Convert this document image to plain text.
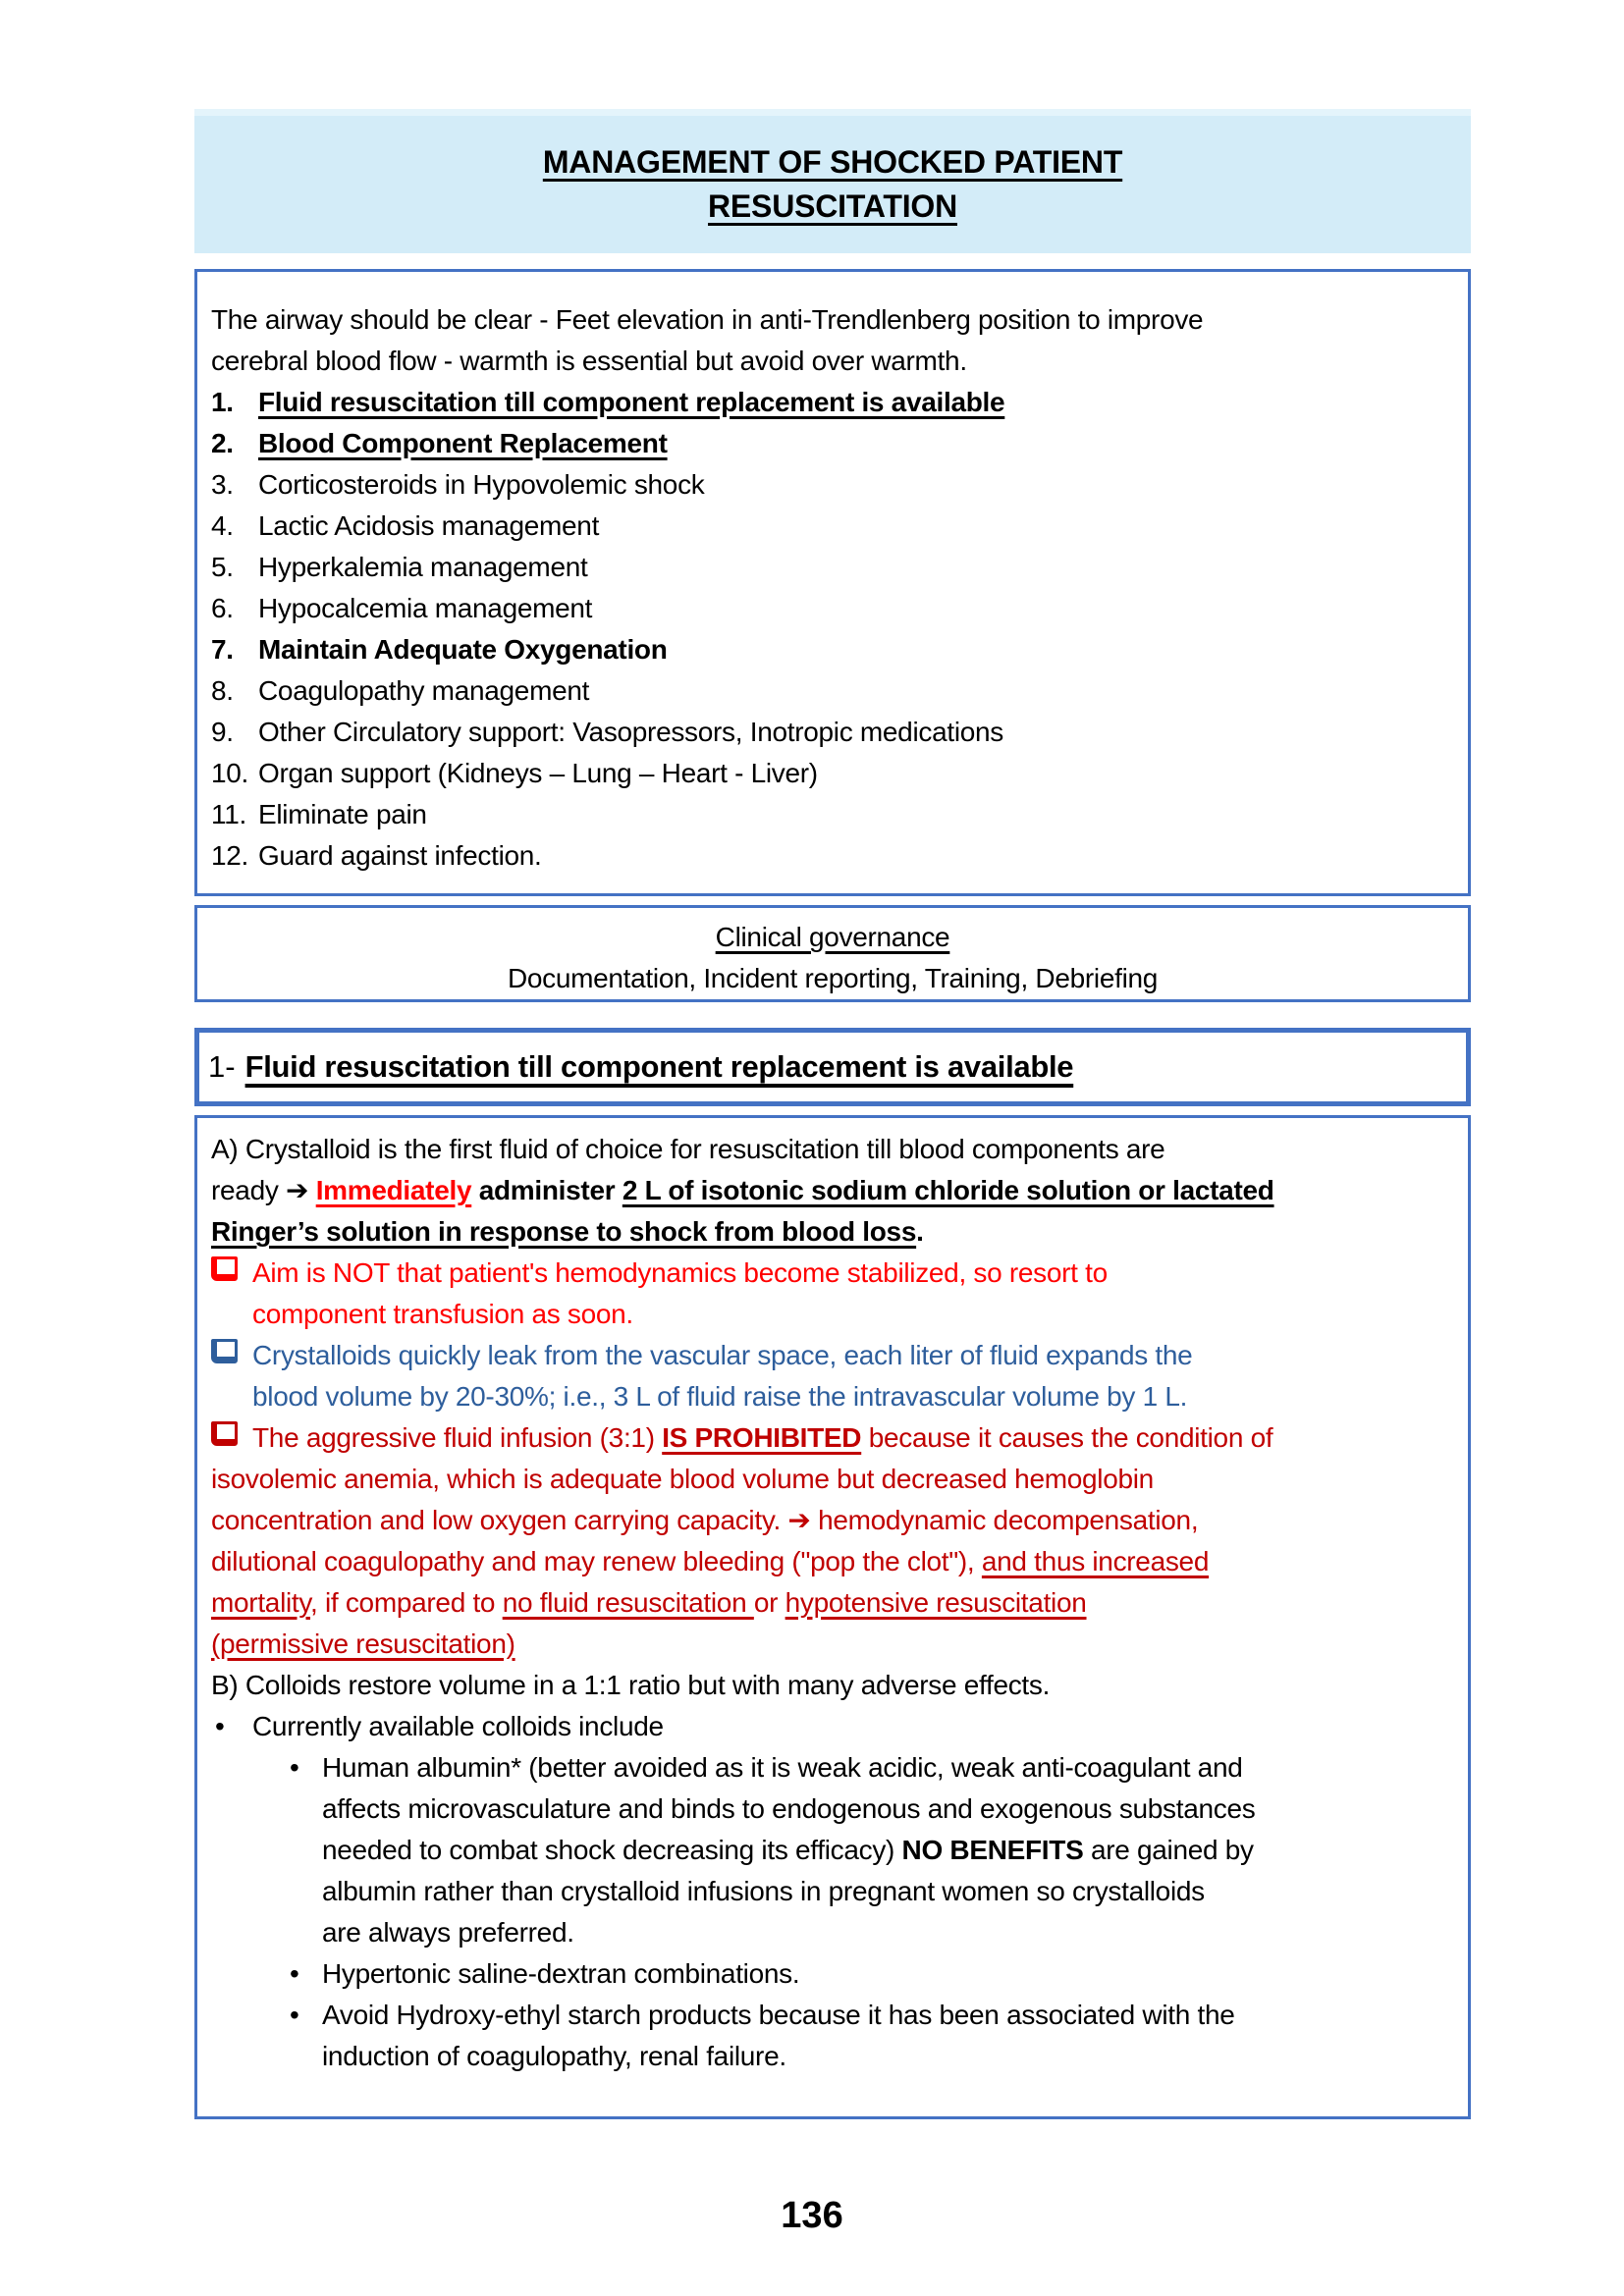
MANAGEMENT OF SHOCKED PATIENT
RESUSCITATION
The airway should be clear - Feet elevation in anti-Trendlenberg position to improve
cerebral blood flow - warmth is essential but avoid over warmth.
1. Fluid resuscitation till component replacement is available
2. Blood Component Replacement
3. Corticosteroids in Hypovolemic shock
4. Lactic Acidosis management
5. Hyperkalemia management
6. Hypocalcemia management
7. Maintain Adequate Oxygenation
8. Coagulopathy management
9. Other Circulatory support: Vasopressors, Inotropic medications
10. Organ support (Kidneys – Lung – Heart - Liver)
11. Eliminate pain
12. Guard against infection.
Clinical governance
Documentation, Incident reporting, Training, Debriefing
1- Fluid resuscitation till component replacement is available
A) Crystalloid is the first fluid of choice for resuscitation till blood components are
ready ➔ Immediately administer 2 L of isotonic sodium chloride solution or lactated
Ringer’s solution in response to shock from blood loss.
Aim is NOT that patient's hemodynamics become stabilized, so resort to
component transfusion as soon.
Crystalloids quickly leak from the vascular space, each liter of fluid expands the
blood volume by 20-30%; i.e., 3 L of fluid raise the intravascular volume by 1 L.
The aggressive fluid infusion (3:1) IS PROHIBITED because it causes the condition of
isovolemic anemia, which is adequate blood volume but decreased hemoglobin
concentration and low oxygen carrying capacity. ➔ hemodynamic decompensation,
dilutional coagulopathy and may renew bleeding ("pop the clot"), and thus increased
mortality, if compared to no fluid resuscitation or hypotensive resuscitation
(permissive resuscitation)
B) Colloids restore volume in a 1:1 ratio but with many adverse effects.
• Currently available colloids include
• Human albumin* (better avoided as it is weak acidic, weak anti-coagulant and
affects microvasculature and binds to endogenous and exogenous substances
needed to combat shock decreasing its efficacy) NO BENEFITS are gained by
albumin rather than crystalloid infusions in pregnant women so crystalloids
are always preferred.
• Hypertonic saline-dextran combinations.
• Avoid Hydroxy-ethyl starch products because it has been associated with the
induction of coagulopathy, renal failure.
136
